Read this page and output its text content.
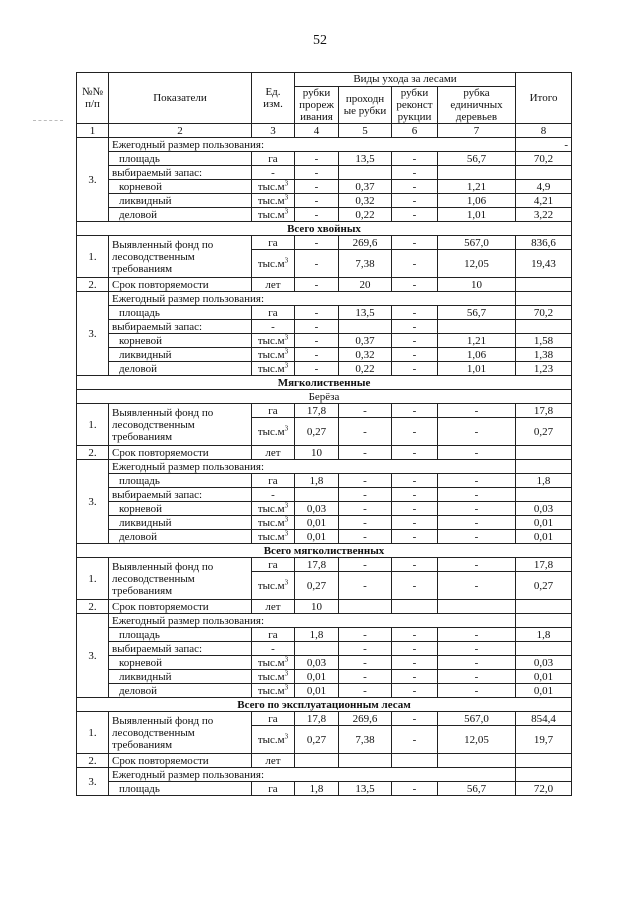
52
№№ п/п	Показатели	Ед. изм.	Виды ухода за лесами				Итого
			рубки прореж ивания	проходн ые рубки	рубки реконст рукции	рубка единичных деревьев	
1	2	3	4	5	6	7	8
3.	Ежегодный размер пользования:						-
	площадь	га	-	13,5	-	56,7	70,2
	выбираемый запас:	-	-		-		
	корневой	$тыс.м^3$	-	0,37	-	1,21	4,9
	ликвидный	$тыс.м^3$	-	0,32	-	1,06	4,21
	деловой	$тыс.м^3$	-	0,22	-	1,01	3,22
Всего хвойных							
1.	Выявленный фонд по лесоводственным требованиям	га	-	269,6	-	567,0	836,6
		$тыс.м^3$	-	7,38	-	12,05	19,43
2.	Срок повторяемости	лет	-	20	-	10	
3.	Ежегодный размер пользования:						
	площадь	га	-	13,5	-	56,7	70,2
	выбираемый запас:	-	-		-		
	корневой	$тыс.м^3$	-	0,37	-	1,21	1,58
	ликвидный	$тыс.м^3$	-	0,32	-	1,06	1,38
	деловой	$тыс.м^3$	-	0,22	-	1,01	1,23
Мягколиственные							
Берёза							
1.	Выявленный фонд по лесоводственным требованиям	га	17,8	-	-	-	17,8
		$тыс.м^3$	0,27	-	-	-	0,27
2.	Срок повторяемости	лет	10	-	-	-	
3.	Ежегодный размер пользования:						
	площадь	га	1,8	-	-	-	1,8
	выбираемый запас:	-		-	-	-	
	корневой	$тыс.м^3$	0,03	-	-	-	0,03
	ликвидный	$тыс.м^3$	0,01	-	-	-	0,01
	деловой	$тыс.м^3$	0,01	-	-	-	0,01
Всего мягколиственных							
1.	Выявленный фонд по лесоводственным требованиям	га	17,8	-	-	-	17,8
		$тыс.м^3$	0,27	-	-	-	0,27
2.	Срок повторяемости	лет	10				
3.	Ежегодный размер пользования:						
	площадь	га	1,8	-	-	-	1,8
	выбираемый запас:	-		-	-	-	
	корневой	$тыс.м^3$	0,03	-	-	-	0,03
	ликвидный	$тыс.м^3$	0,01	-	-	-	0,01
	деловой	$тыс.м^3$	0,01	-	-	-	0,01
Всего по эксплуатационным лесам							
1.	Выявленный фонд по лесоводственным требованиям	га	17,8	269,6	-	567,0	854,4
		$тыс.м^3$	0,27	7,38	-	12,05	19,7
2.	Срок повторяемости	лет					
3.	Ежегодный размер пользования:						
	площадь	га	1,8	13,5	-	56,7	72,0
